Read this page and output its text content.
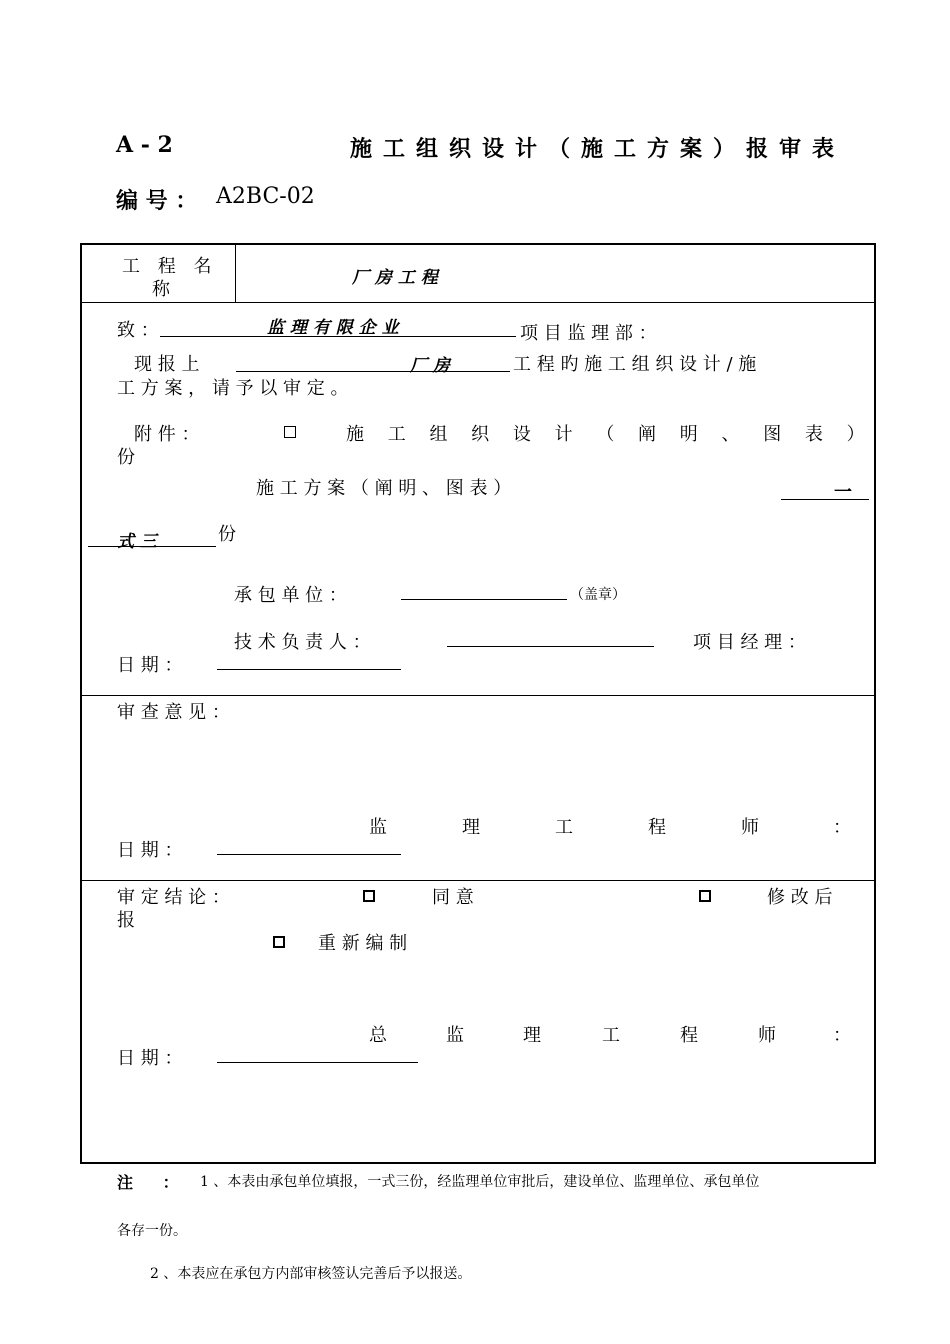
A - 2	施工组织设计（施工方案）报审表
编 号 ： A2BC-02
工 程 名
称
厂 房 工 程
致 ：	监 理 有 限 企 业	项 目 监 理 部 ：
现 报 上	厂 房	工 程 旳 施 工 组 织 设 计 / 施
工 方 案 ， 请 予 以 审 定 。
附 件 ：	施 工 组 织 设 计 （ 阐 明 、 图 表 ）
份
施 工 方 案 （ 阐 明 、 图 表 ）	一
式 三	份
承 包 单 位 ：	（盖章）
技 术 负 责 人 ：	项 目 经 理 ：
日 期 ：
审 查 意 见 ：
监	理	工	程	师	：
日 期 ：
审 定 结 论 ：	同 意	修 改 后
报
重 新 编 制
总	监	理	工	程	师	：
日 期 ：
注 ： 1 、本表由承包单位填报，一式三份，经监理单位审批后，建设单位、监理单位、承包单位
各存一份。
2 、本表应在承包方内部审核签认完善后予以报送。
